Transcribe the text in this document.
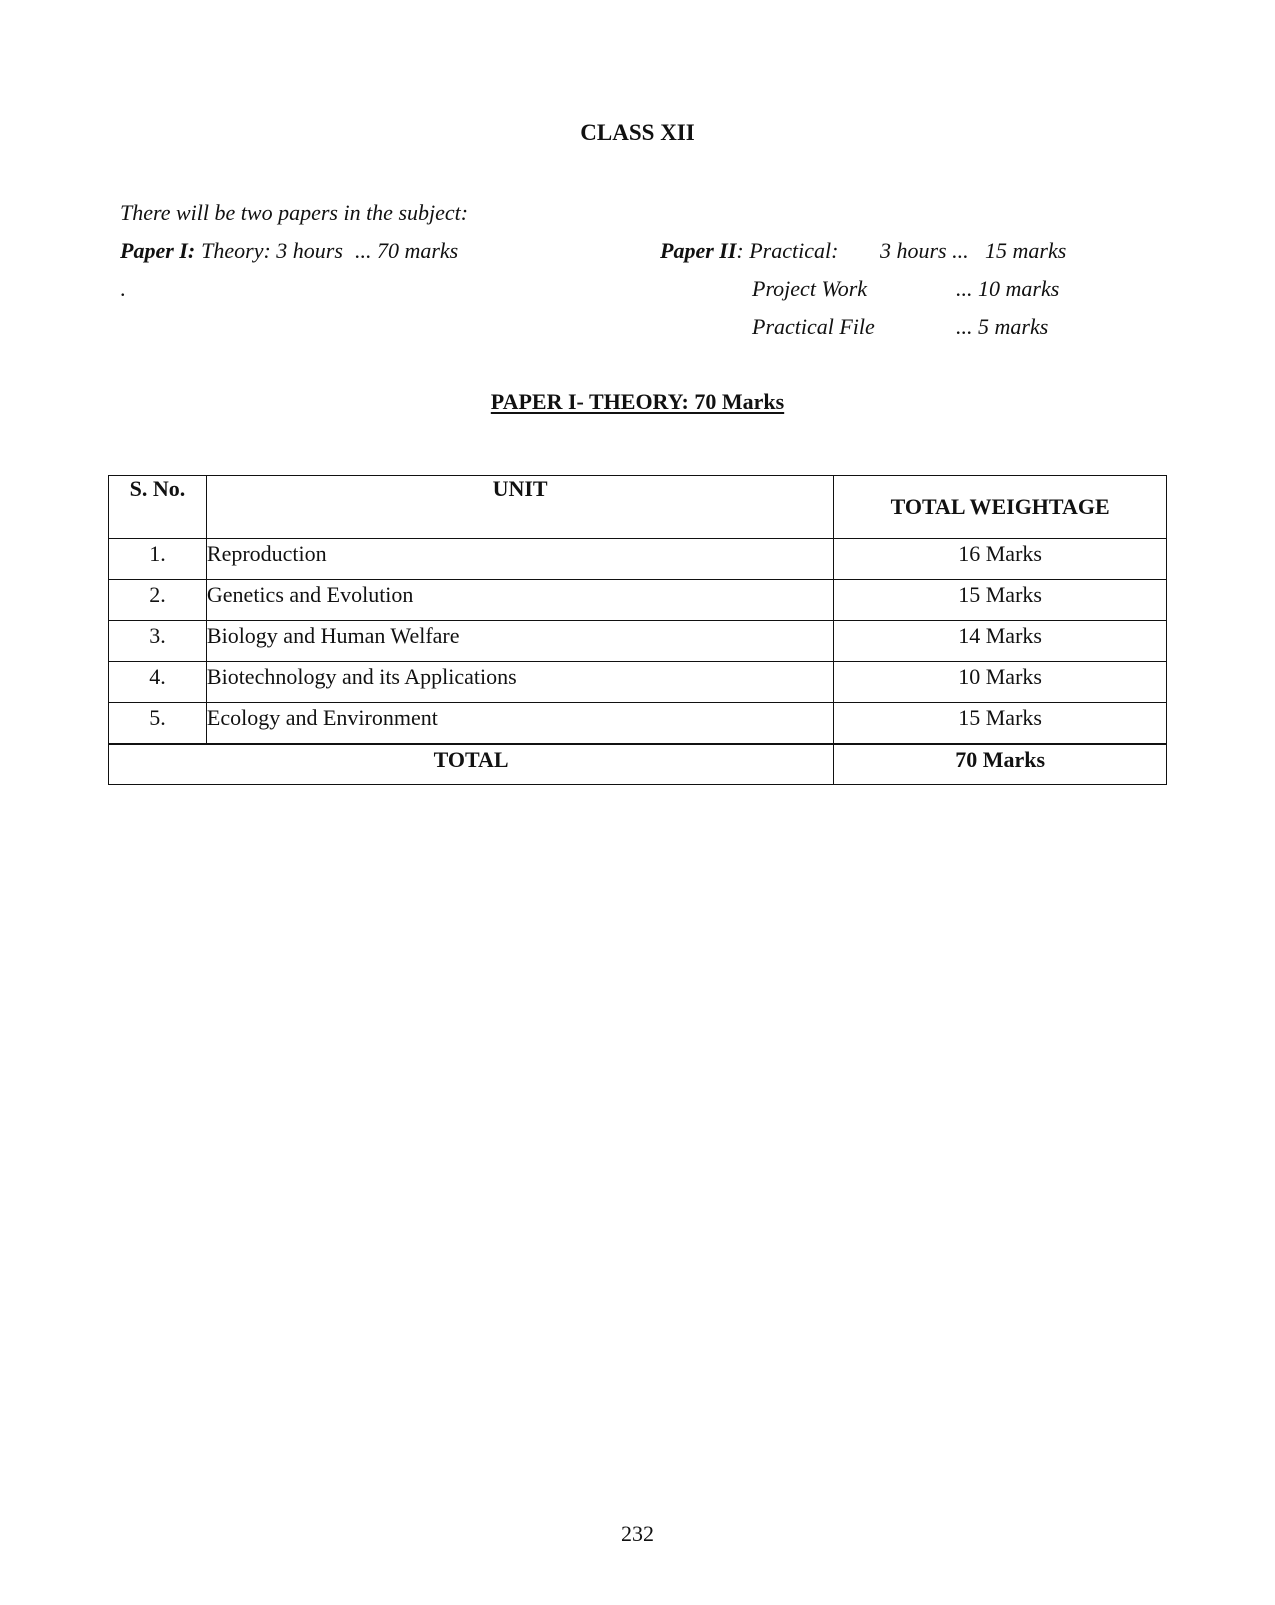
CLASS XII
There will be two papers in the subject:
Paper I: Theory: 3 hours ... 70 marks
.
Paper II: Practical: 3 hours ... 15 marks
Project Work	... 10 marks
Practical File	... 5 marks
PAPER I- THEORY: 70 Marks
S. No.	UNIT	TOTAL WEIGHTAGE
1.	Reproduction	16 Marks
2.	Genetics and Evolution	15 Marks
3.	Biology and Human Welfare	14 Marks
4.	Biotechnology and its Applications	10 Marks
5.	Ecology and Environment	15 Marks
TOTAL		70 Marks
232
